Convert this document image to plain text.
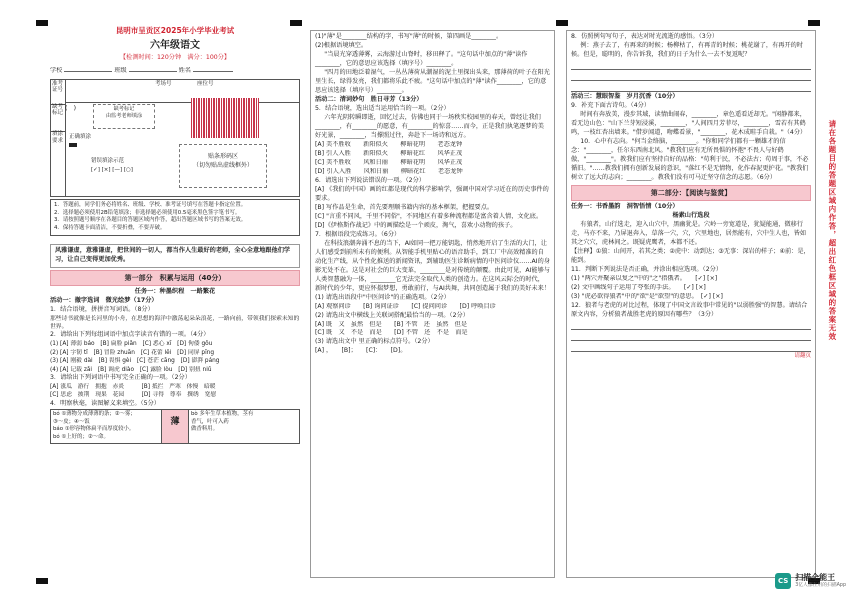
昆明市呈贡区2025年小学毕业考试

六年级语文

【检测时间：120分钟　 满分：100分】

学校	班级	姓名

准考证号
缺考标记
(　)	缺考标记
由监考老师填涂
考场号	座位号
填涂要求
正确填涂
错误填涂示范
[✓] [×] [—] [○]

贴条形码区

（切勿贴出虚线框外）

1．答题前，同学们务必将姓名、班级、学校、准考证号填写在答题卡指定位置。

2．选择题必须使用2B铅笔填涂；非选择题必须使用0.5毫米黑色签字笔书写。

3．请按照题号顺序在各题目的答题区域内作答，超出答题区域书写的答案无效。

4．保持答题卡面清洁，不要折叠，不要弄破。

风雅谦虚，意雅谦虚，把世间的一切人，都当作人生最好的老师，全心全意地跟他们学习，让自己变得更加优秀。

第一部分　积累与运用（40分）

任务一：种墨织程　一路繁花

活动一：撤字选词　微光绘梦（17分）

1．结合语境，拼拼音写词语。（8分）

那些诗书就像是长河里的小舟，在思想的海洋中激荡起朵朵浪花，一路向前，带领我们探索未知的世界。

2．请给出下列每组词语中加点字读音有错的一项。（4分）

(1) [A] 薄弱 báo　[B] 扁脸 piǎn　[C] 悉心 xī　[D] 佝偻 gōu

(2) [A] 字韧 tǐ　[B] 冒险 zhuān　[C] 花蕾 lěi　[D] 同屏 pīng

(3) [A] 刚毅 dài　[B] 畏惧 gèi　[C] 苍茫 cāng　[D] 澎湃 páng

(4) [A] 记载 zǎi　[B] 调虎 diào　[C] 露脸 lòu　[D] 别扭 niǔ

3．请给出下列词语中书写完全正确的一项。（2分）

[A] 涨瓜　游行　拥抱　赤炎　　　[B] 抵拦　严寒　体慢　暗暖

[C] 思虑　披荆　现果　花园　　　[D] 寻得　尊奉　撰绣　宽慰

4．明察秋毫，读图解义来填空。（5分）

bó ①薄物分成薄薄的条；②～雾；

③～皮；④～饭

báo ①形容物体扁平而厚度较小。

bó ①上好的；②～命。

薄

bò 多年生草本植物，茎有

香气，叶可入药

做香料用。

(1)"薄"是________结构的字，书写"薄"的时候，第四画是________。

(2)根据语境填空。

"当晨光穿透薄雾，云海游过山脊时，移田释了。"这句话中加点的"薄"读作________，它的意思应该选择（填序号）________。

"四月的田地泛着湿气，一丛丛薄荷从潮湿的泥土里探出头来，那薄荷的叶子在阳光里生长，绿得发亮，我们都将乐此不疲。"这句话中加点的"薄"读作________，它的意思应该选择（填序号）________。

活动二：清词妙句　胜日寻芳（13分）

5．结合语境，选出适当运用恰当的一项。（2分）

六年光阴转瞬即逝，回忆过去，仿佛也同于一场秩实校园里的春天，曾经让我们________，有________的愿意，有________的惊喜……而今，正是我们执笔逐梦的美好光景，________，当撑照过往，奔赴下一场诗和远方。

[A] 美不胜收　　新阳似火　　柳暗花明　　老态龙钟

[B] 引人入胜　　新阳似火　　柳暗花红　　风华正茂

[C] 美不胜收　　风和日丽　　柳暗花明　　风华正茂

[D] 引人入胜　　风和日丽　　柳暗花红　　老态龙钟

6．请选出下列说法错误的一项。（2分）

[A] 《我们的中国》画的红都是现代的科学影响学，强调中国对学习近在的历史事件的要求。

[B] 写作品是生命，首先要理顺书籍内容的基本框架，把握要点。

[C] "言重不同风，千里不同俗"，不同地区有着多种流程都是富含着人情，文化底。

[D]《伊格斯作战记》中的画描绘是一个顽皮，淘气，喜欢小动物的孩子。

7．根据语段完成练习。（6分）

在科技浪潮奔涌不息的当下，AI如同一把万能钥匙，悄然地开启了生活的大门，让人们感受到前所未有的便利。从智能手机里贴心的语音助手，到工厂中高效精准的自动化生产线，从个性化推送的新闻资讯，到辅助医生诊断病情的中医问诊仪……AI的身影无处不在。这是对社会的巨大变革，________是对传统的颠覆。由此可见，AI能够与人类智慧融为一体，________它无法完全取代人类的创造力。在这风云际会的时代，新时代的少年，更应怀揣梦想，勇敢前行，与AI共舞，共同创造属于我们的美好未来！

(1) 请选出语段中"中医问诊"的正确选项。（2分）

[A] 观察问诊　　[B] 询问证诊　　[C] 提问问诊　　[D] 呼唤目诊

(2) 请选出文中横线上关联词搭配最恰当的一项。（2分）

[A] 既　又　虽然　但是　　[B] 不管　还　虽然　但是

[C] 既　又　不是　而是　　[D] 不管　还　不是　而是

(3) 请选出文中 里正确的标点符号。（2分）

[A] ，　　[B]；　　[C]：　　[D]。

8．仿照例句写句子，表达对时光流逝的感悟。（3分）

例：燕子去了，有再来的时候；杨柳枯了，有再青的时候；桃花谢了，有再开的时候。但是，聪明的，你告诉我，我们的日子为什么一去不复返呢？

活动三：慧眼智鉴　岁月沉香（10分）

9．补充下面古诗句。（4分）

时间有奔放美，漫步其域，读情曲闹春，________，章色遥看近却无。"闲静都来，看无边山色："山下兰芽短浸溪，________，"人间四月芳菲尽，________，雪若有其鹤鸣，一枝红杏出墙来。"借岁闻道，吻蝶看景，"________，花木成畦手自栽。"（4分）

10．心中有志向。"何当金络脑，________。"你和同学们都有一颗雄才的信念："________，任尔东西南北风。"教我们应有无所畏惧的怀抱"不畏人与好鹤傲，"________"。教我们应有坚持自好的品格："苟利于民，不必法古；苟周于事，不必循旧。"……教我们拥有创新发展的意识，"落红不是无情物，化作春泥更护花。"教我们树立了远大的志向；________。教我们没有可马迁坚守信念的志愿。（6分）

第二部分：【阅读与鉴赏】

任务一：书香墨韵　洞智悟情（10分）

杨素山行选段

有狼者，山行选走，迎入山穴中，黑幽犹是。穴岭一旁宽道是，犹疑能通，微移行走，马亦不来，乃屏退奔入，草落一穴，穴，穴里地也，居然能有，穴中生人也，皆如其之穴穴，虎林间之。既疑虎鹰者，本都不还。

【注释】①狼：山间开，若其之类；②虎中：动到达；③无事：深岩的样子；④前：是，能到。

11．判断下列说法是否正确，并涂出相应选项。（2分）

(1) "两穴并聚亲以复之"中的"之"指俄者。　　[✓] [×]

(2) 文中画线句子运用了夸张的手法。　　[✓] [×]

(3) "虎必欲得狼者"中的"欲"是"欲望"的意思。　[✓] [×]

12．狼者与老虎的对比过程，体现了中国文言故事中常见的"以弱胜强"的智慧。请结合原文内容，分析狼者战胜老虎的原因有哪些？（3分）

请翻页

请在各题目的答题区域内作答，超出红色框区域的答案无效
CS 扫描全能王

3亿人都在用的扫描App
